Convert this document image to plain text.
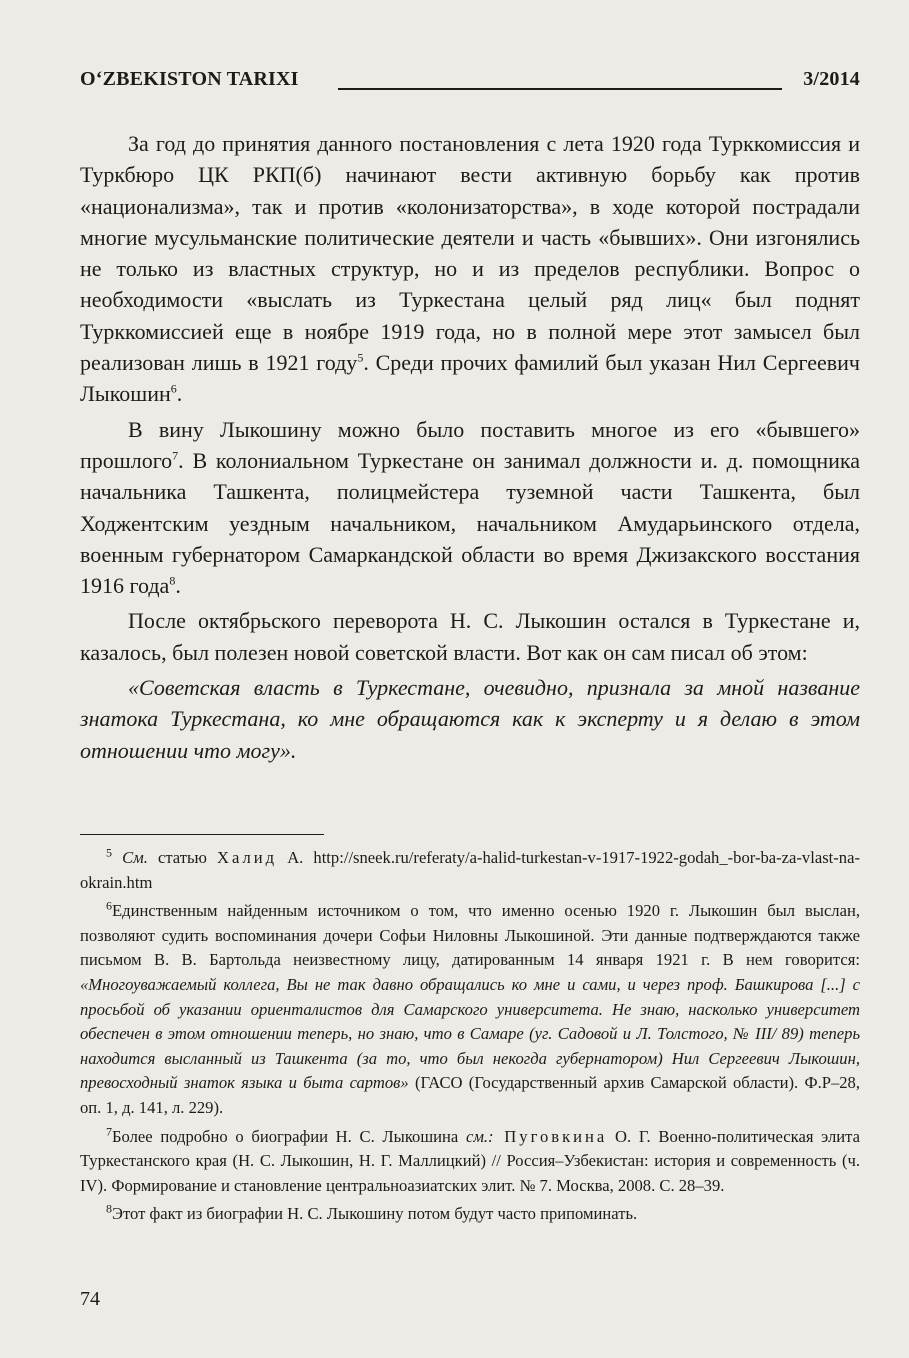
O‘ZBEKISTON TARIXI	3/2014

За год до принятия данного постановления с лета 1920 года Турккомиссия и Туркбюро ЦК РКП(б) начинают вести активную борьбу как против «национализма», так и против «колонизаторства», в ходе которой пострадали многие мусульманские политические деятели и часть «бывших». Они изгонялись не только из властных структур, но и из пределов республики. Вопрос о необходимости «выслать из Туркестана целый ряд лиц« был поднят Турккомиссией еще в ноябре 1919 года, но в полной мере этот замысел был реализован лишь в 1921 году$^5$. Среди прочих фамилий был указан Нил Сергеевич Лыкошин$^6$.

В вину Лыкошину можно было поставить многое из его «бывшего» прошлого$^7$. В колониальном Туркестане он занимал должности и. д. помощника начальника Ташкента, полицмейстера туземной части Ташкента, был Ходжентским уездным начальником, начальником Амударьинского отдела, военным губернатором Самаркандской области во время Джизакского восстания 1916 года$^8$.

После октябрьского переворота Н. С. Лыкошин остался в Туркестане и, казалось, был полезен новой советской власти. Вот как он сам писал об этом:

«Советская власть в Туркестане, очевидно, признала за мной название знатока Туркестана, ко мне обращаются как к эксперту и я делаю в этом отношении что могу».

$^5$ См. статью Халид А. http://sneek.ru/referaty/a-halid-turkestan-v-1917-1922-godah_-bor-ba-za-vlast-na-okrain.htm

$^6$Единственным найденным источником о том, что именно осенью 1920 г. Лыкошин был выслан, позволяют судить воспоминания дочери Софьи Ниловны Лыкошиной. Эти данные подтверждаются также письмом В. В. Бартольда неизвестному лицу, датированным 14 января 1921 г. В нем говорится: «Многоуважаемый коллега, Вы не так давно обращались ко мне и сами, и через проф. Башкирова [...] с просьбой об указании ориенталистов для Самарского университета. Не знаю, насколько университет обеспечен в этом отношении теперь, но знаю, что в Самаре (уг. Садовой и Л. Толстого, № III/ 89) теперь находится высланный из Ташкента (за то, что был некогда губернатором) Нил Сергеевич Лыкошин, превосходный знаток языка и быта сартов» (ГАСО (Государственный архив Самарской области). Ф.Р–28, оп. 1, д. 141, л. 229).

$^7$Более подробно о биографии Н. С. Лыкошина см.: Пуговкина О. Г. Военно-политическая элита Туркестанского края (Н. С. Лыкошин, Н. Г. Маллицкий) // Россия–Узбекистан: история и современность (ч. IV). Формирование и становление центральноазиатских элит. № 7. Москва, 2008. С. 28–39.

$^8$Этот факт из биографии Н. С. Лыкошину потом будут часто припоминать.

74
